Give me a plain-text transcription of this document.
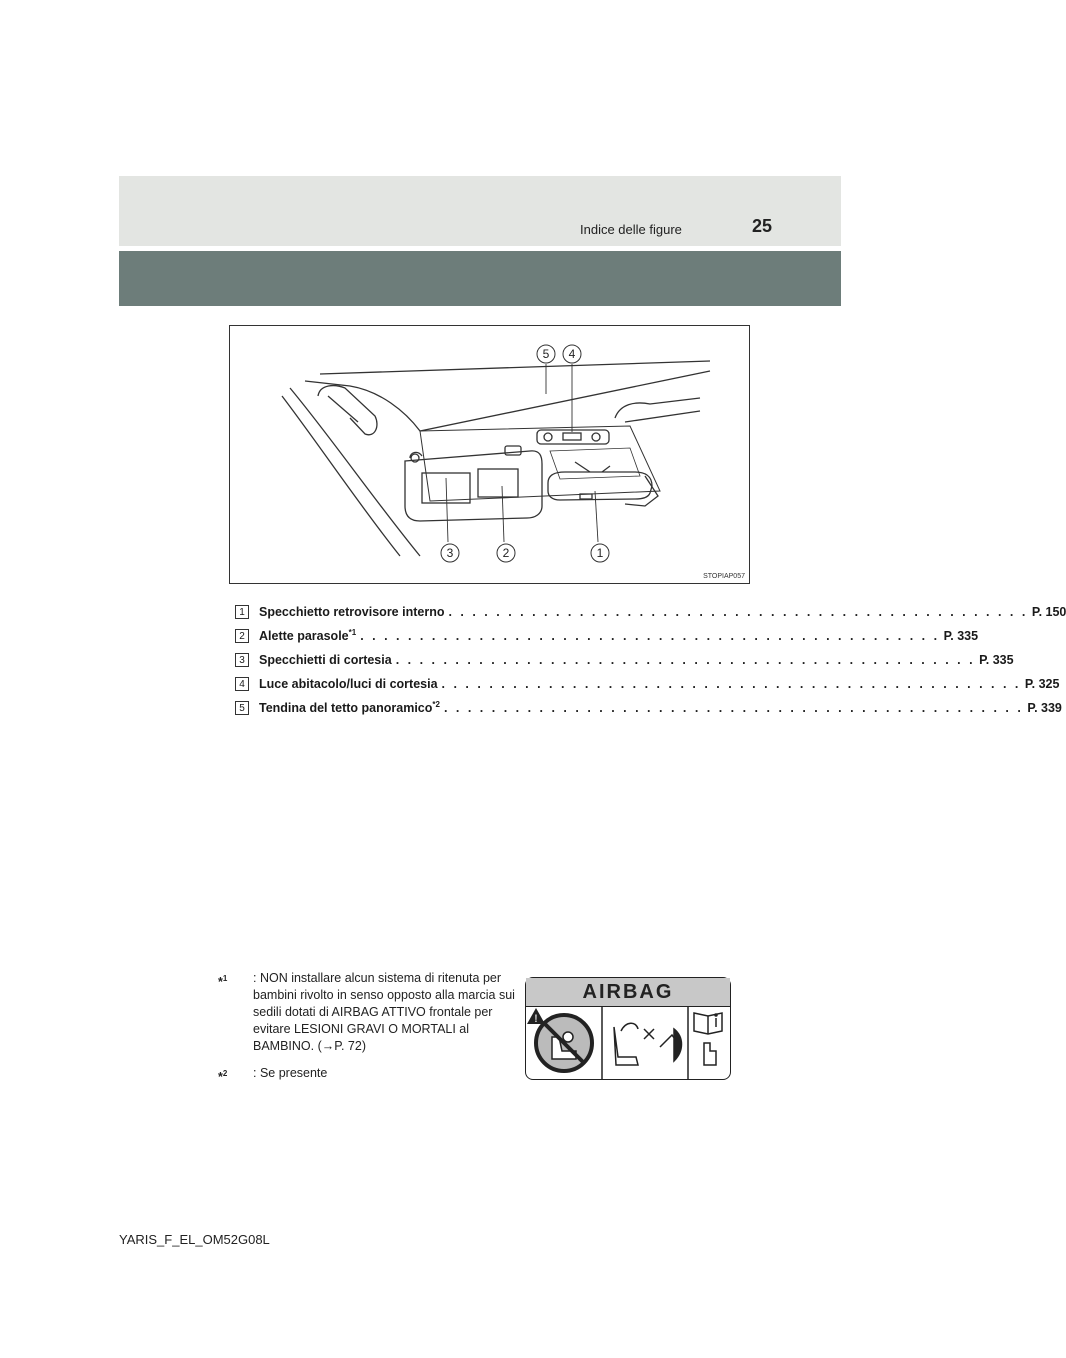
Indice delle figure	25
5 4
3	2	1
STOPIAP057
1	Specchietto retrovisore interno . . . . . . . . . . . . . . . . . . . . . . . . . . . . . . . . . . . . . . . . . . . . . . . . . P. 150
2	Alette parasole$^{*1}$ . . . . . . . . . . . . . . . . . . . . . . . . . . . . . . . . . . . . . . . . . . . . . . . . . P. 335
3	Specchietti di cortesia . . . . . . . . . . . . . . . . . . . . . . . . . . . . . . . . . . . . . . . . . . . . . . . . . P. 335
4	Luce abitacolo/luci di cortesia . . . . . . . . . . . . . . . . . . . . . . . . . . . . . . . . . . . . . . . . . . . . . . . . . P. 325
5	Tendina del tetto panoramico$^{*2}$ . . . . . . . . . . . . . . . . . . . . . . . . . . . . . . . . . . . . . . . . . . . . . . . . . P. 339
*$^1$	: NON installare alcun sistema di ritenuta per bambini rivolto in senso opposto alla marcia sui sedili dotati di AIRBAG ATTIVO frontale per evitare LESIONI GRAVI O MORTALI al BAMBINO. (→P. 72)
*$^2$	: Se presente
!
AIRBAG
YARIS_F_EL_OM52G08L
